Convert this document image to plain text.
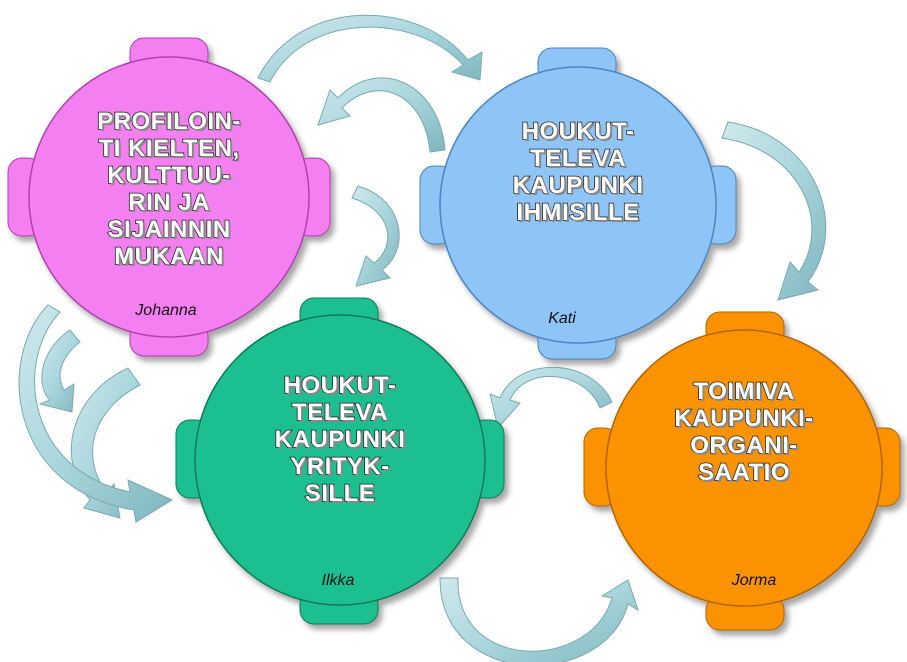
PROFILOIN-
TI KIELTEN,
KULTTUU-
RIN JA
SIJAINNIN
MUKAAN
Johanna
HOUKUT-
TELEVA
KAUPUNKI
IHMISILLE
Kati
HOUKUT-
TELEVA
KAUPUNKI
YRITYK-
SILLE
Ilkka
TOIMIVA
KAUPUNKI-
ORGANI-
SAATIO
Jorma
